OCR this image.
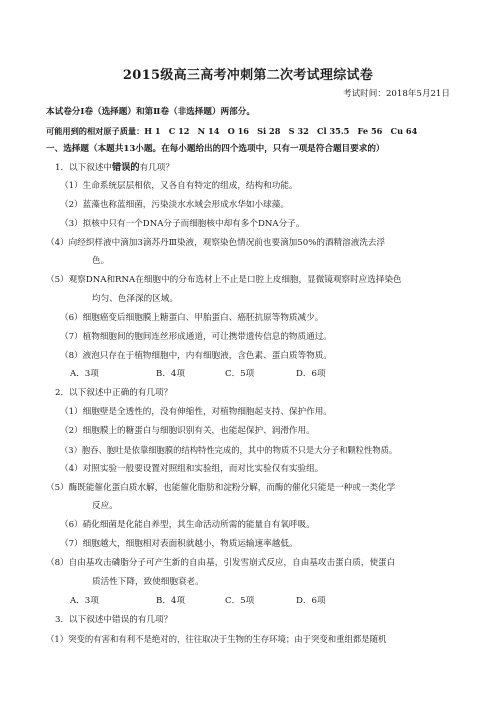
2015级高三高考冲刺第二次考试理综试卷
考试时间：2018年5月21日
本试卷分Ⅰ卷（选择题）和第Ⅱ卷（非选择题）两部分。
可能用到的相对原子质量：H 1　C 12　N 14　O 16　Si 28　S 32　Cl 35.5　Fe 56　Cu 64
一、选择题（本题共13小题。在每小题给出的四个选项中，只有一项是符合题目要求的）
1．以下叙述中错误的有几项？
（1）生命系统层层相依，又各自有特定的组成，结构和功能。
（2）蓝藻也称蓝细菌，污染淡水水域会形成水华如小球藻。
（3）拟核中只有一个DNA分子而细胞核中却有多个DNA分子。
（4）向经织样液中滴加3滴苏丹Ⅲ染液，观察染色情况前也要滴加50%的酒精溶液洗去浮
色。
（5）观察DNA和RNA在细胞中的分布选材上不止是口腔上皮细胞，显微镜观察时应选择染色
均匀、色泽深的区域。
（6）细胞癌变后细胞膜上糖蛋白、甲胎蛋白、癌胚抗原等物质减少。
（7）植物细胞间的胞间连丝形成通道，可让携带遗传信息的物质通过。
（8）液泡只存在于植物细胞中，内有细胞液，含色素、蛋白质等物质。
A．3项	B．4项	C．5项	D．6项
2．以下叙述中正确的有几项？
（1）细胞壁是全透性的，没有伸缩性，对植物细胞起支持、保护作用。
（2）细胞膜上的糖蛋白与细胞识别有关，也能起保护、润滑作用。
（3）胞吞、胞吐是依靠细胞膜的结构特性完成的，其中的物质不只是大分子和颗粒性物质。
（4）对照实验一般要设置对照组和实验组，而对比实验仅有实验组。
（5）酶既能催化蛋白质水解，也能催化脂肪和淀粉分解，而酶的催化只能是一种或一类化学
反应。
（6）硝化细菌是化能自养型，其生命活动所需的能量自有氧呼吸。
（7）细胞越大，细胞相对表面积就越小，物质运输速率越低。
（8）自由基攻击磷脂分子可产生新的自由基，引发雪崩式反应，自由基攻击蛋白质，使蛋白
质活性下降，致使细胞衰老。
A．3项	B．4项	C．5项	D．6项
3．以下叙述中错误的有几项？
（1）突变的有害和有利不是绝对的，往往取决于生物的生存环境；由于突变和重组都是随机
